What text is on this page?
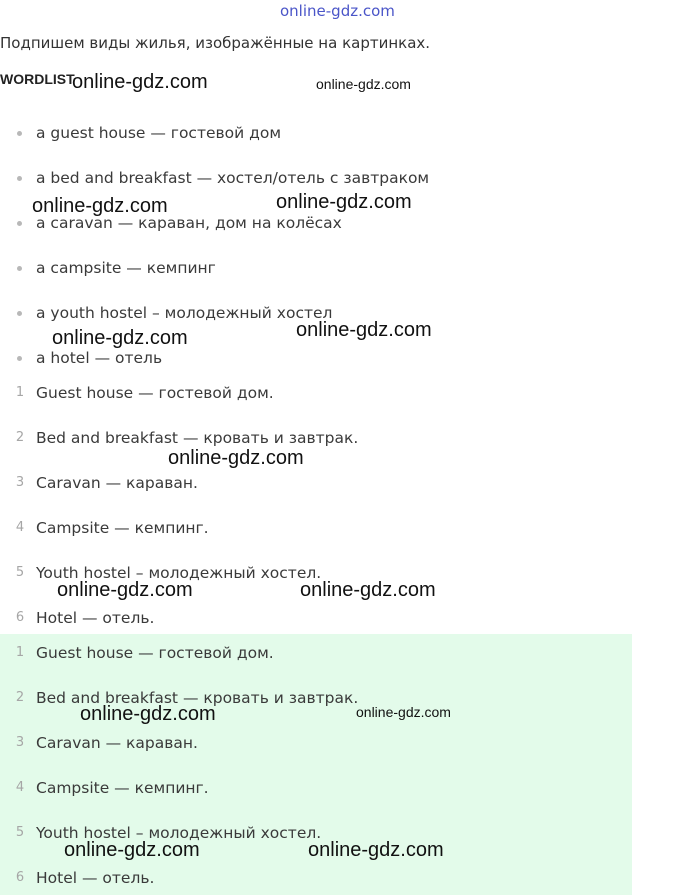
online-gdz.com
Подпишем виды жилья, изображённые на картинках.
WORDLIST
a guest house — гостевой дом
a bed and breakfast — хостел/отель с завтраком
a caravan — караван, дом на колёсах
a campsite — кемпинг
a youth hostel – молодежный хостел
a hotel — отель
1 Guest house — гостевой дом.
2 Bed and breakfast — кровать и завтрак.
3 Caravan — караван.
4 Campsite — кемпинг.
5 Youth hostel – молодежный хостел.
6 Hotel — отель.
1 Guest house — гостевой дом.
2 Bed and breakfast — кровать и завтрак.
3 Caravan — караван.
4 Campsite — кемпинг.
5 Youth hostel – молодежный хостел.
6 Hotel — отель.
online-gdz.com	online-gdz.com
online-gdz.com	online-gdz.com
online-gdz.com	online-gdz.com
online-gdz.com
online-gdz.com	online-gdz.com
online-gdz.com	online-gdz.com
online-gdz.com	online-gdz.com
